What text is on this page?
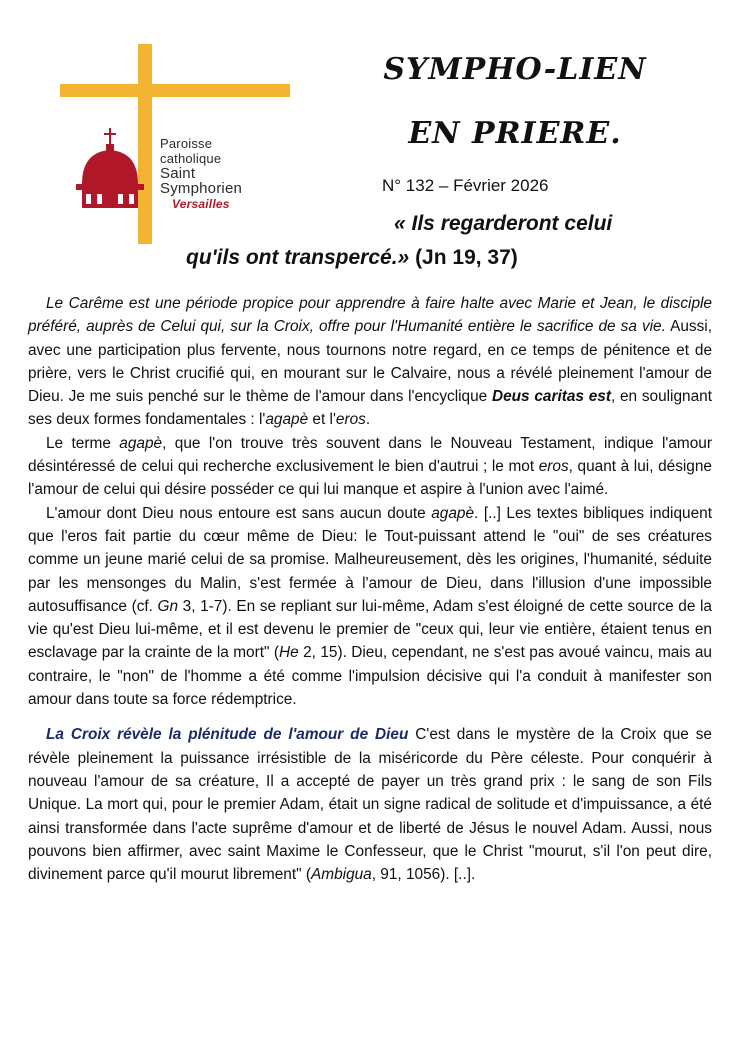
Paroisse
catholique
Saint
Symphorien
Versailles
SYMPHO-LIEN
EN PRIERE.
N° 132 – Février 2026
« Ils regarderont celui
qu'ils ont transpercé.» (Jn 19, 37)

Le Carême est une période propice pour apprendre à faire halte avec Marie et Jean, le disciple préféré, auprès de Celui qui, sur la Croix, offre pour l'Humanité entière le sacrifice de sa vie. Aussi, avec une participation plus fervente, nous tournons notre regard, en ce temps de pénitence et de prière, vers le Christ crucifié qui, en mourant sur le Calvaire, nous a révélé pleinement l'amour de Dieu. Je me suis penché sur le thème de l'amour dans l'encyclique Deus caritas est, en soulignant ses deux formes fondamentales : l'agapè et l'eros.

Le terme agapè, que l'on trouve très souvent dans le Nouveau Testament, indique l'amour désintéressé de celui qui recherche exclusivement le bien d'autrui ; le mot eros, quant à lui, désigne l'amour de celui qui désire posséder ce qui lui manque et aspire à l'union avec l'aimé.

L'amour dont Dieu nous entoure est sans aucun doute agapè. [..] Les textes bibliques indiquent que l'eros fait partie du cœur même de Dieu: le Tout-puissant attend le "oui" de ses créatures comme un jeune marié celui de sa promise. Malheureusement, dès les origines, l'humanité, séduite par les mensonges du Malin, s'est fermée à l'amour de Dieu, dans l'illusion d'une impossible autosuffisance (cf. Gn 3, 1-7). En se repliant sur lui-même, Adam s'est éloigné de cette source de la vie qu'est Dieu lui-même, et il est devenu le premier de "ceux qui, leur vie entière, étaient tenus en esclavage par la crainte de la mort" (He 2, 15). Dieu, cependant, ne s'est pas avoué vaincu, mais au contraire, le "non" de l'homme a été comme l'impulsion décisive qui l'a conduit à manifester son amour dans toute sa force rédemptrice.

La Croix révèle la plénitude de l'amour de Dieu C'est dans le mystère de la Croix que se révèle pleinement la puissance irrésistible de la miséricorde du Père céleste. Pour conquérir à nouveau l'amour de sa créature, Il a accepté de payer un très grand prix : le sang de son Fils Unique. La mort qui, pour le premier Adam, était un signe radical de solitude et d'impuissance, a été ainsi transformée dans l'acte suprême d'amour et de liberté de Jésus le nouvel Adam. Aussi, nous pouvons bien affirmer, avec saint Maxime le Confesseur, que le Christ "mourut, s'il l'on peut dire, divinement parce qu'il mourut librement" (Ambigua, 91, 1056). [..].
